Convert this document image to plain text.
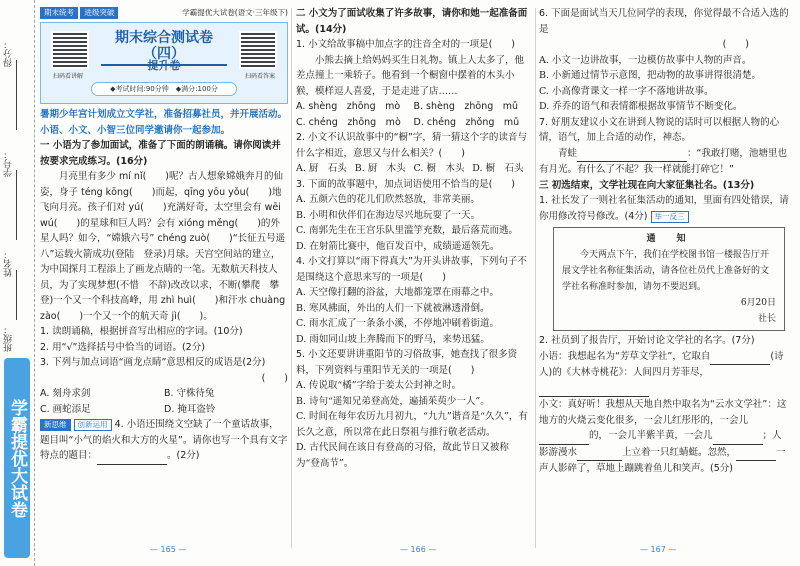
得分：
学号：
姓名：
班级：
学霸提优大试卷
期末统考 进级突破	学霸提优大试卷(语文·三年级下)
扫码看讲解
期末综合测试卷（四）
提升卷
扫码看答案
◆考试时间:90分钟　◆满分:100分

暑期少年宫计划成立文学社，准备招募社员，并开展活动。小语、小文、小智三位同学邀请你一起参加。

一 小语为了参加面试，准备了下面的朗诵稿。请你阅读并按要求完成练习。(16分)

月亮里有多少 mí nǐ(　　)呢？古人想象嫦娥奔月的仙姿，身子 téng kōng(　　)而起，qīng yōu yǒu(　　)地飞向月亮。孩子们对 yú(　　)充满好奇，太空里会有 wēi wú(　　)的星球和巨人吗？会有 xióng měng(　　)的外星人吗？如今，“嫦娥六号” chéng zuò(　　)“长征五号遥八”运载火箭成功(登陆　登录)月球。天宫空间站的建立，为中国探月工程添上了画龙点睛的一笔。无数航天科技人员，为了实现梦想(不惜　不辞)改改以求，不断(攀爬　攀登)一个又一个科技高峰，用 zhì huì(　　)和汗水 chuàng zào(　　)一个又一个的航天奇 jì(　　)。

1. 读朗诵稿，根据拼音写出相应的字词。(10分)

2. 用“√”选择括号中恰当的词语。(2分)

3. 下列与加点词语“画龙点睛”意思相反的成语是(2分)

(　　)

A. 刻舟求剑	B. 守株待兔
C. 画蛇添足	D. 掩耳盗铃

新思维 创新运用 4. 小语还围绕文空缺了一个童话故事，题目叫“小气的焰火和大方的火星”。请你也写一个具有文字特点的题目：	。(2分)

— 165 —

二 小文为了面试收集了许多故事，请你和她一起准备面试。(14分)

1. 小文给故事稿中加点字的注音全对的一项是(　　)

小熊去摘上给妈妈买生日礼物。镇上人太多了，他差点撞上一乘轿子。他看到一个橱窗中摆着的木头小猴，模样逗人喜爱，于是走进了店……

A. shèng　zhōng　mò	B. shèng　zhōng　mǔ
C. chéng　zhōng　mò	D. chéng　zhǒng　mǔ

2. 小文不认识故事中的“橱”字，猜一猜这个字的读音与什么字相近，意思又与什么相关？(　　)

A. 厨　石头 B. 厨　木头 C. 橱　木头 D. 橱　石头

3. 下面的故事题中，加点词语使用不恰当的是(　　)

A. 五颜六色的花儿们欣然怒放，非常美丽。

B. 小明和伙伴们在海边尽兴地玩耍了一天。

C. 南郭先生在王宫乐队里滥竽充数，最后落荒而逃。

D. 在射箭比赛中，他百发百中，成绩遥遥领先。

4. 小文打算以“雨下得真大”为开头讲故事，下列句子不是围绕这个意思来写的一项是(　　)

A. 天空像打翻的浴盆，大地都笼罩在雨幕之中。

B. 寒风拂面，外出的人们一下就被淋透滑倒。

C. 雨水汇成了一条条小溪，不停地冲刷着街道。

D. 雨如同山坡上奔腾而下的野马，来势迅猛。

5. 小文还要讲讲重阳节的习俗故事，她查找了很多资料，下列资料与重阳节无关的一项是(　　)

A. 传说取“橘”字给于姜太公封神之时。

B. 诗句“遥知兄弟登高处，遍插茱萸少一人”。

C. 时间在每年农历九月初九，“九九”谐音是“久久”，有长久之意，所以常在此日祭祖与推行敬老活动。

D. 古代民间在该日有登高的习俗，故此节日又被称为“登高节”。

— 166 —

6. 下面是面试当天几位同学的表现，你觉得最不合适入选的是

(　　)

A. 小文一边讲故事，一边模仿故事中人物的声音。

B. 小新通过情节示意图，把动物的故事讲得很清楚。

C. 小高像背课文一样一字不落地讲故事。

D. 乔乔的语气和表情都根据故事情节不断变化。

7. 好朋友建议小文在讲到人物说的话时可以根据人物的心情，语气，加上合适的动作，神态。

青蛙	：“我敢打赌，池塘里也有月光。有什么了不起？我一样就能打碎它！”

三 初选结束，文学社现在向大家征集社名。(13分)

1. 社长发了一则社名征集活动的通知，里面有四处错误，请你用修改符号修改。(4分) 举一反三

通　知
今天两点下午，我们在学校图书馆一楼报告厅开展文学社名称征集活动，请各位社员代上准备好的文学社名称准时参加，请勿不要迟到。
6月20日
社长

2. 社员到了报告厅，开始讨论文学社的名字。(7分)

小语：我想起名为“芳草文学社”，它取自	(诗人)的《大林寺桃花》：人间四月芳菲尽，

小文：真好听！我想从天地自然中取名为“云水文学社”：这地方的火烧云变化很多，一会儿红彤彤的，一会儿 的，一会儿半紫半黄，一会儿	；人影游漫水	上立着一只红蜻蜓。忽然，	一声人影碎了，草地上蹦跳着鱼儿和笑声。(5分)

— 167 —
